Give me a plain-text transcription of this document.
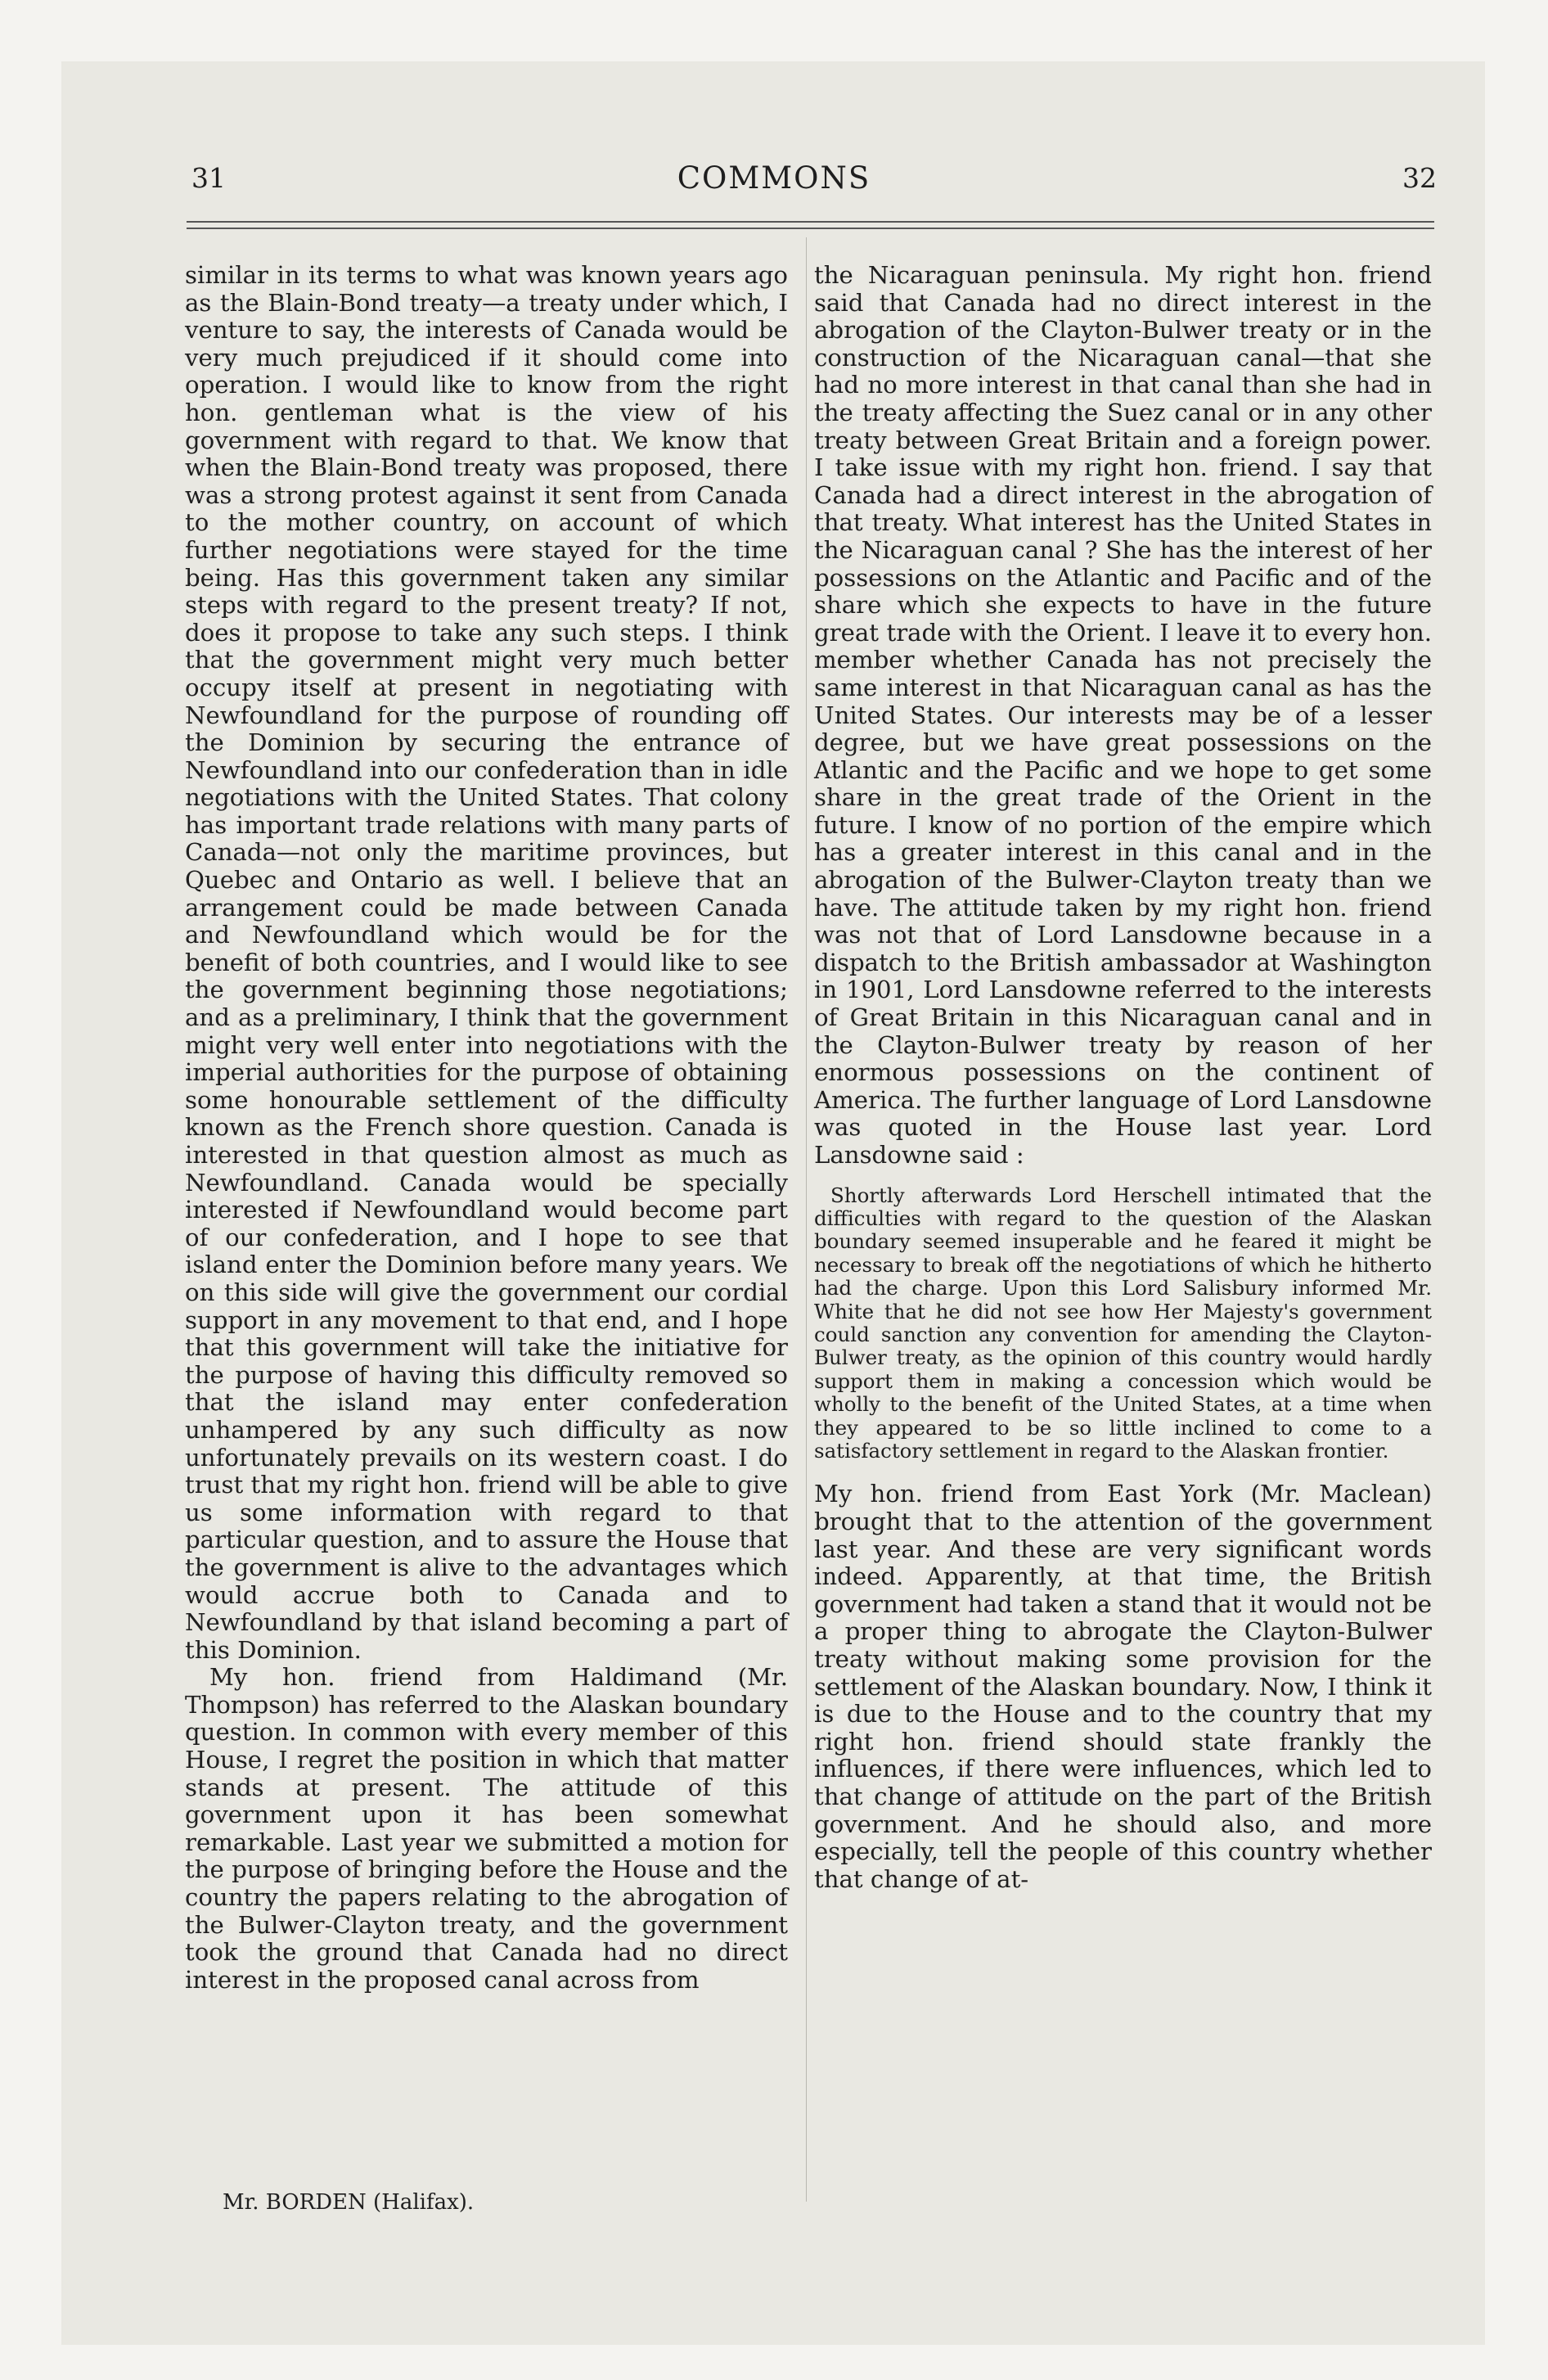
31	COMMONS	32

similar in its terms to what was known years ago as the Blain-Bond treaty—a treaty under which, I venture to say, the interests of Canada would be very much prejudiced if it should come into operation. I would like to know from the right hon. gentleman what is the view of his government with regard to that. We know that when the Blain-Bond treaty was proposed, there was a strong protest against it sent from Canada to the mother country, on account of which further negotiations were stayed for the time being. Has this government taken any similar steps with regard to the present treaty? If not, does it propose to take any such steps. I think that the government might very much better occupy itself at present in negotiating with Newfoundland for the purpose of rounding off the Dominion by securing the entrance of Newfoundland into our confederation than in idle negotiations with the United States. That colony has important trade relations with many parts of Canada—not only the maritime provinces, but Quebec and Ontario as well. I believe that an arrangement could be made between Canada and Newfoundland which would be for the benefit of both countries, and I would like to see the government beginning those negotiations; and as a preliminary, I think that the government might very well enter into negotiations with the imperial authorities for the purpose of obtaining some honourable settlement of the difficulty known as the French shore question. Canada is interested in that question almost as much as Newfoundland. Canada would be specially interested if Newfoundland would become part of our confederation, and I hope to see that island enter the Dominion before many years. We on this side will give the government our cordial support in any movement to that end, and I hope that this government will take the initiative for the purpose of having this difficulty removed so that the island may enter confederation unhampered by any such difficulty as now unfortunately prevails on its western coast. I do trust that my right hon. friend will be able to give us some information with regard to that particular question, and to assure the House that the government is alive to the advantages which would accrue both to Canada and to Newfoundland by that island becoming a part of this Dominion.

My hon. friend from Haldimand (Mr. Thompson) has referred to the Alaskan boundary question. In common with every member of this House, I regret the position in which that matter stands at present. The attitude of this government upon it has been somewhat remarkable. Last year we submitted a motion for the purpose of bringing before the House and the country the papers relating to the abrogation of the Bulwer-Clayton treaty, and the government took the ground that Canada had no direct interest in the proposed canal across from

the Nicaraguan peninsula. My right hon. friend said that Canada had no direct interest in the abrogation of the Clayton-Bulwer treaty or in the construction of the Nicaraguan canal—that she had no more interest in that canal than she had in the treaty affecting the Suez canal or in any other treaty between Great Britain and a foreign power. I take issue with my right hon. friend. I say that Canada had a direct interest in the abrogation of that treaty. What interest has the United States in the Nicaraguan canal ? She has the interest of her possessions on the Atlantic and Pacific and of the share which she expects to have in the future great trade with the Orient. I leave it to every hon. member whether Canada has not precisely the same interest in that Nicaraguan canal as has the United States. Our interests may be of a lesser degree, but we have great possessions on the Atlantic and the Pacific and we hope to get some share in the great trade of the Orient in the future. I know of no portion of the empire which has a greater interest in this canal and in the abrogation of the Bulwer-Clayton treaty than we have. The attitude taken by my right hon. friend was not that of Lord Lansdowne because in a dispatch to the British ambassador at Washington in 1901, Lord Lansdowne referred to the interests of Great Britain in this Nicaraguan canal and in the Clayton-Bulwer treaty by reason of her enormous possessions on the continent of America. The further language of Lord Lansdowne was quoted in the House last year. Lord Lansdowne said :

Shortly afterwards Lord Herschell intimated that the difficulties with regard to the question of the Alaskan boundary seemed insuperable and he feared it might be necessary to break off the negotiations of which he hitherto had the charge. Upon this Lord Salisbury informed Mr. White that he did not see how Her Majesty's government could sanction any convention for amending the Clayton-Bulwer treaty, as the opinion of this country would hardly support them in making a concession which would be wholly to the benefit of the United States, at a time when they appeared to be so little inclined to come to a satisfactory settlement in regard to the Alaskan frontier.

My hon. friend from East York (Mr. Maclean) brought that to the attention of the government last year. And these are very significant words indeed. Apparently, at that time, the British government had taken a stand that it would not be a proper thing to abrogate the Clayton-Bulwer treaty without making some provision for the settlement of the Alaskan boundary. Now, I think it is due to the House and to the country that my right hon. friend should state frankly the influences, if there were influences, which led to that change of attitude on the part of the British government. And he should also, and more especially, tell the people of this country whether that change of at-

Mr. BORDEN (Halifax).
